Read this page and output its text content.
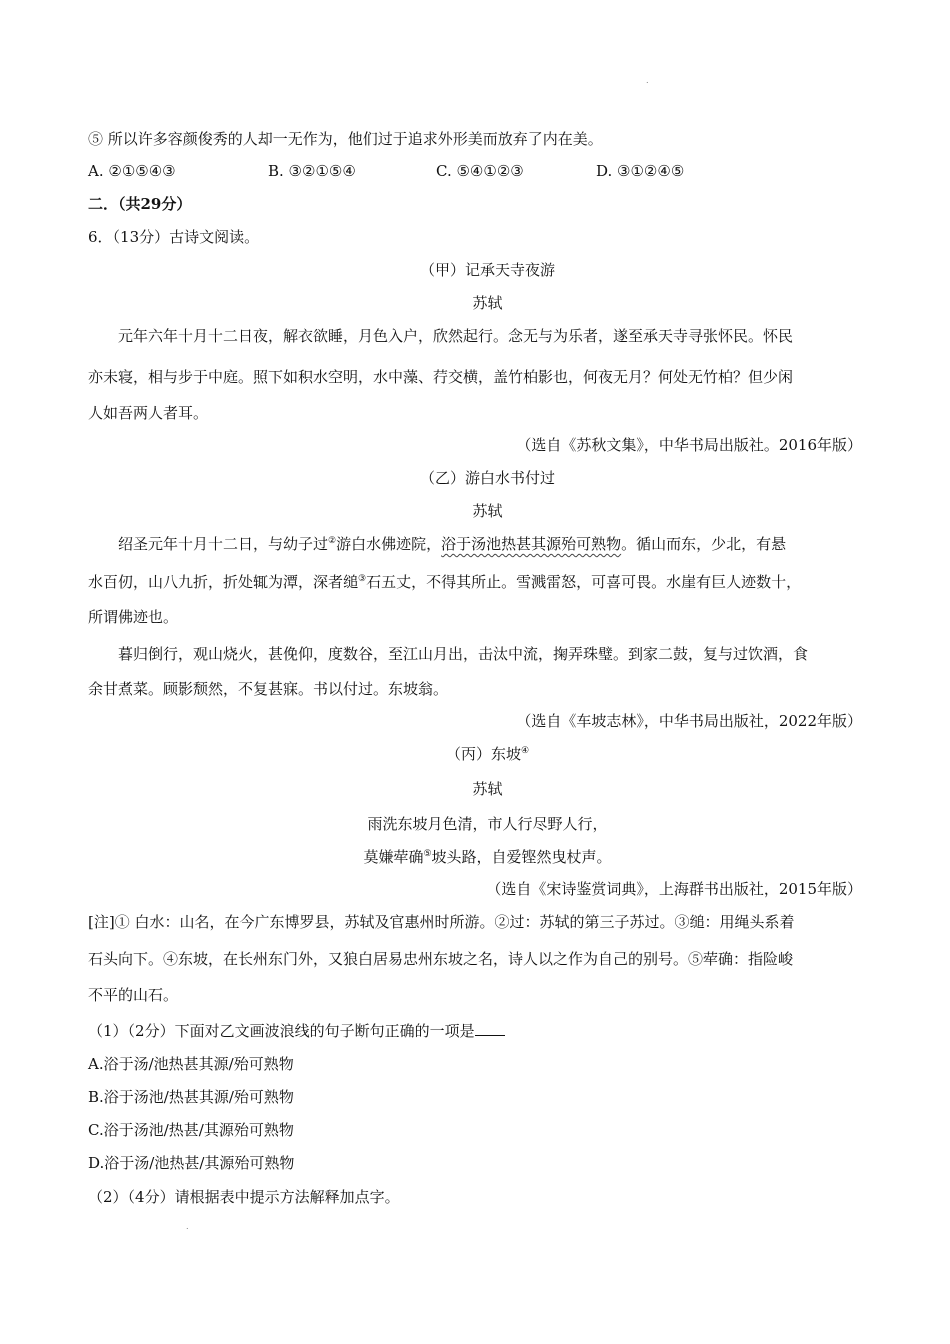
.
⑤ 所以许多容颜俊秀的人却一无作为，他们过于追求外形美而放弃了内在美。
A. ②①⑤④③	B. ③②①⑤④	C. ⑤④①②③	D. ③①②④⑤
二．（共29分）
6．（13分）古诗文阅读。
（甲）记承天寺夜游
苏轼
元年六年十月十二日夜，解衣欲睡，月色入户，欣然起行。念无与为乐者，遂至承天寺寻张怀民。怀民
亦未寝，相与步于中庭。照下如积水空明，水中藻、荇交横，盖竹柏影也，何夜无月？何处无竹柏？但少闲
人如吾两人者耳。
（选自《苏秋文集》，中华书局出版社。2016年版）
（乙）游白水书付过
苏轼
绍圣元年十月十二日，与幼子过②游白水佛迹院，浴于汤池热甚其源殆可熟物。循山而东，少北，有悬
水百仞，山八九折，折处辄为潭，深者缒③石五丈，不得其所止。雪溅雷怒，可喜可畏。水崖有巨人迹数十，
所谓佛迹也。
暮归倒行，观山烧火，甚俛仰，度数谷，至江山月出，击汰中流，掬弄珠璧。到家二鼓，复与过饮酒，食
余甘煮菜。顾影颓然，不复甚寐。书以付过。东坡翁。
（选自《车坡志林》，中华书局出版社，2022年版）
（丙）东坡④
苏轼
雨洗东坡月色清，市人行尽野人行，
莫嫌荦确⑤坡头路，自爱铿然曳杖声。
（选自《宋诗鉴赏词典》，上海群书出版社，2015年版）
[注]① 白水：山名，在今广东博罗县，苏轼及官惠州时所游。②过：苏轼的第三子苏过。③缒：用绳头系着
石头向下。④东坡，在长州东门外，又狼白居易忠州东坡之名，诗人以之作为自己的别号。⑤荦确：指险峻
不平的山石。
（1）（2分）下面对乙文画波浪线的句子断句正确的一项是
A.浴于汤/池热甚其源/殆可熟物
B.浴于汤池/热甚其源/殆可熟物
C.浴于汤池/热甚/其源殆可熟物
D.浴于汤/池热甚/其源殆可熟物
（2）（4分）请根据表中提示方法解释加点字。
.
